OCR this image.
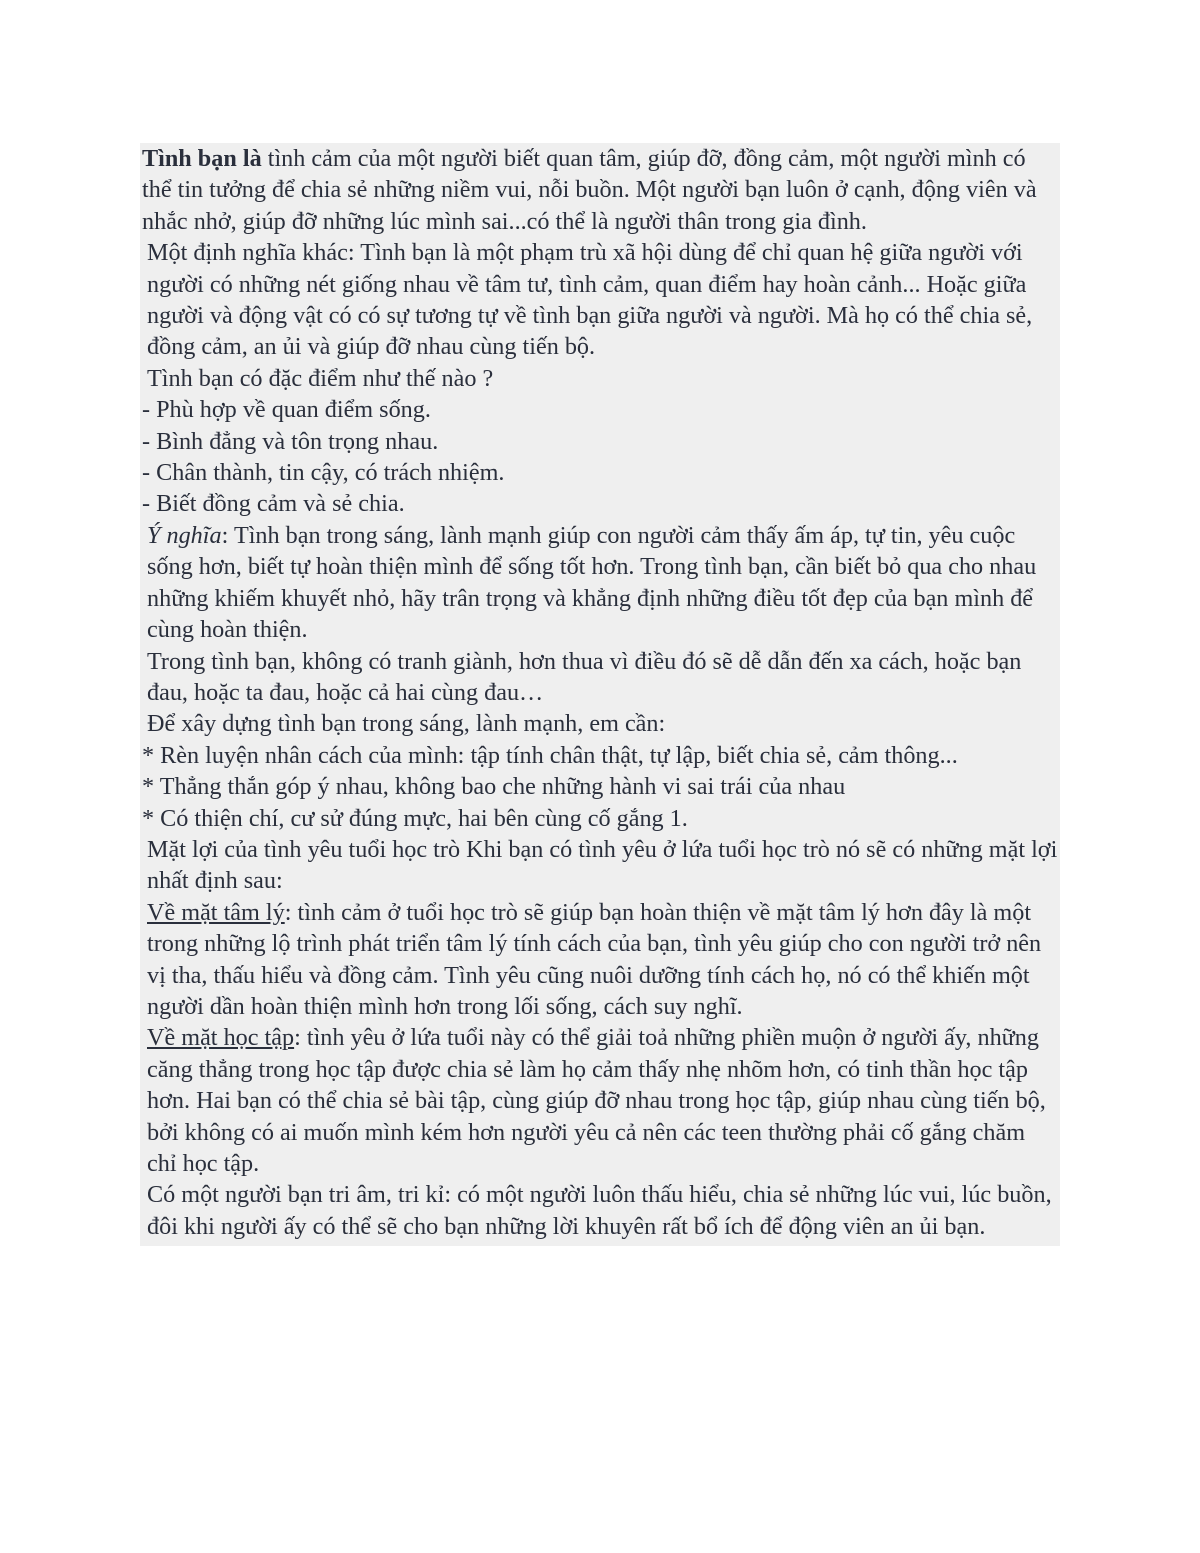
Tình bạn là tình cảm của một người biết quan tâm, giúp đỡ, đồng cảm, một người mình có thể tin tưởng để chia sẻ những niềm vui, nỗi buồn. Một người bạn luôn ở cạnh, động viên và nhắc nhở, giúp đỡ những lúc mình sai...có thể là người thân trong gia đình.

Một định nghĩa khác: Tình bạn là một phạm trù xã hội dùng để chỉ quan hệ giữa người với người có những nét giống nhau về tâm tư, tình cảm, quan điểm hay hoàn cảnh... Hoặc giữa người và động vật có có sự tương tự về tình bạn giữa người và người. Mà họ có thể chia sẻ, đồng cảm, an ủi và giúp đỡ nhau cùng tiến bộ.

Tình bạn có đặc điểm như thế nào ?

- Phù hợp về quan điểm sống.

- Bình đẳng và tôn trọng nhau.

- Chân thành, tin cậy, có trách nhiệm.

- Biết đồng cảm và sẻ chia.

Ý nghĩa: Tình bạn trong sáng, lành mạnh giúp con người cảm thấy ấm áp, tự tin, yêu cuộc sống hơn, biết tự hoàn thiện mình để sống tốt hơn. Trong tình bạn, cần biết bỏ qua cho nhau những khiếm khuyết nhỏ, hãy trân trọng và khẳng định những điều tốt đẹp của bạn mình để cùng hoàn thiện.

Trong tình bạn, không có tranh giành, hơn thua vì điều đó sẽ dễ dẫn đến xa cách, hoặc bạn đau, hoặc ta đau, hoặc cả hai cùng đau…

Để xây dựng tình bạn trong sáng, lành mạnh, em cần:

* Rèn luyện nhân cách của mình: tập tính chân thật, tự lập, biết chia sẻ, cảm thông...

* Thẳng thắn góp ý nhau, không bao che những hành vi sai trái của nhau

* Có thiện chí, cư sử đúng mực, hai bên cùng cố gắng 1.

Mặt lợi của tình yêu tuổi học trò Khi bạn có tình yêu ở lứa tuổi học trò nó sẽ có những mặt lợi nhất định sau:

Về mặt tâm lý: tình cảm ở tuổi học trò sẽ giúp bạn hoàn thiện về mặt tâm lý hơn đây là một trong những lộ trình phát triển tâm lý tính cách của bạn, tình yêu giúp cho con người trở nên vị tha, thấu hiểu và đồng cảm. Tình yêu cũng nuôi dưỡng tính cách họ, nó có thể khiến một người dần hoàn thiện mình hơn trong lối sống, cách suy nghĩ.

Về mặt học tập: tình yêu ở lứa tuổi này có thể giải toả những phiền muộn ở người ấy, những căng thẳng trong học tập được chia sẻ làm họ cảm thấy nhẹ nhõm hơn, có tinh thần học tập hơn. Hai bạn có thể chia sẻ bài tập, cùng giúp đỡ nhau trong học tập, giúp nhau cùng tiến bộ, bởi không có ai muốn mình kém hơn người yêu cả nên các teen thường phải cố gắng chăm chỉ học tập.

Có một người bạn tri âm, tri kỉ: có một người luôn thấu hiểu, chia sẻ những lúc vui, lúc buồn, đôi khi người ấy có thể sẽ cho bạn những lời khuyên rất bổ ích để động viên an ủi bạn.
